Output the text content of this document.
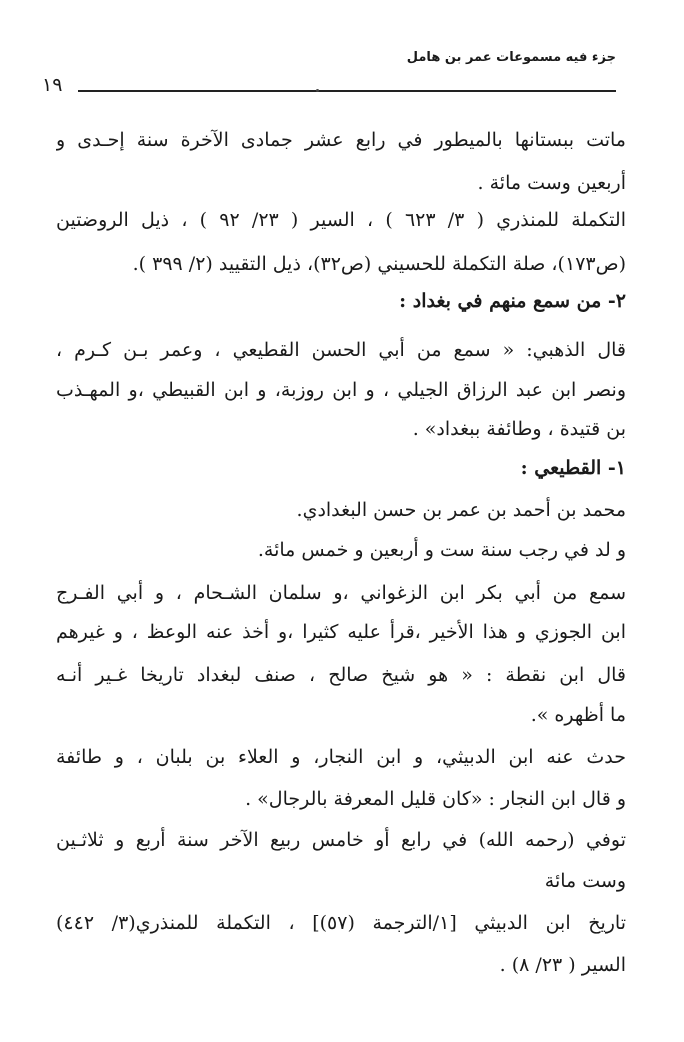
جزء فيه مسموعات عمر بن هامل
١٩
ماتت ببستانها بالميطور في رابع عشر جمادى الآخرة سنة إحـدى و
أربعين وست مائة .
التكملة للمنذري ( ٣/ ٦٢٣ ) ، السير ( ٢٣/ ٩٢ ) ، ذيل الروضتين
(ص١٧٣)، صلة التكملة للحسيني (ص٣٢)، ذيل التقييد (٢/ ٣٩٩ ).
٢- من سمع منهم في بغداد :
قال الذهبي: « سمع من أبي الحسن القطيعي ، وعمر بـن كـرم ،
ونصر ابن عبد الرزاق الجيلي ، و ابن روزبة، و ابن القبيطي ،و المهـذب
بن قتيدة ، وطائفة ببغداد» .
١- القطيعي :
محمد بن أحمد بن عمر بن حسن البغدادي.
و لد في رجب سنة ست و أربعين و خمس مائة.
سمع من أبي بكر ابن الزغواني ،و سلمان الشـحام ، و أبي الفـرج
ابن الجوزي و هذا الأخير ،قرأ عليه كثيرا ،و أخذ عنه الوعظ ، و غيرهم
قال ابن نقطة : « هو شيخ صالح ، صنف لبغداد تاريخا غـير أنـه
ما أظهره ».
حدث عنه ابن الدبيثي، و ابن النجار، و العلاء بن بلبان ، و طائفة
و قال ابن النجار : «كان قليل المعرفة بالرجال» .
توفي (رحمه الله) في رابع أو خامس ربيع الآخر سنة أربع و ثلاثـين
وست مائة
تاريخ ابن الدبيثي [١/الترجمة (٥٧)] ، التكملة للمنذري(٣/ ٤٤٢)
السير ( ٢٣/ ٨) .
